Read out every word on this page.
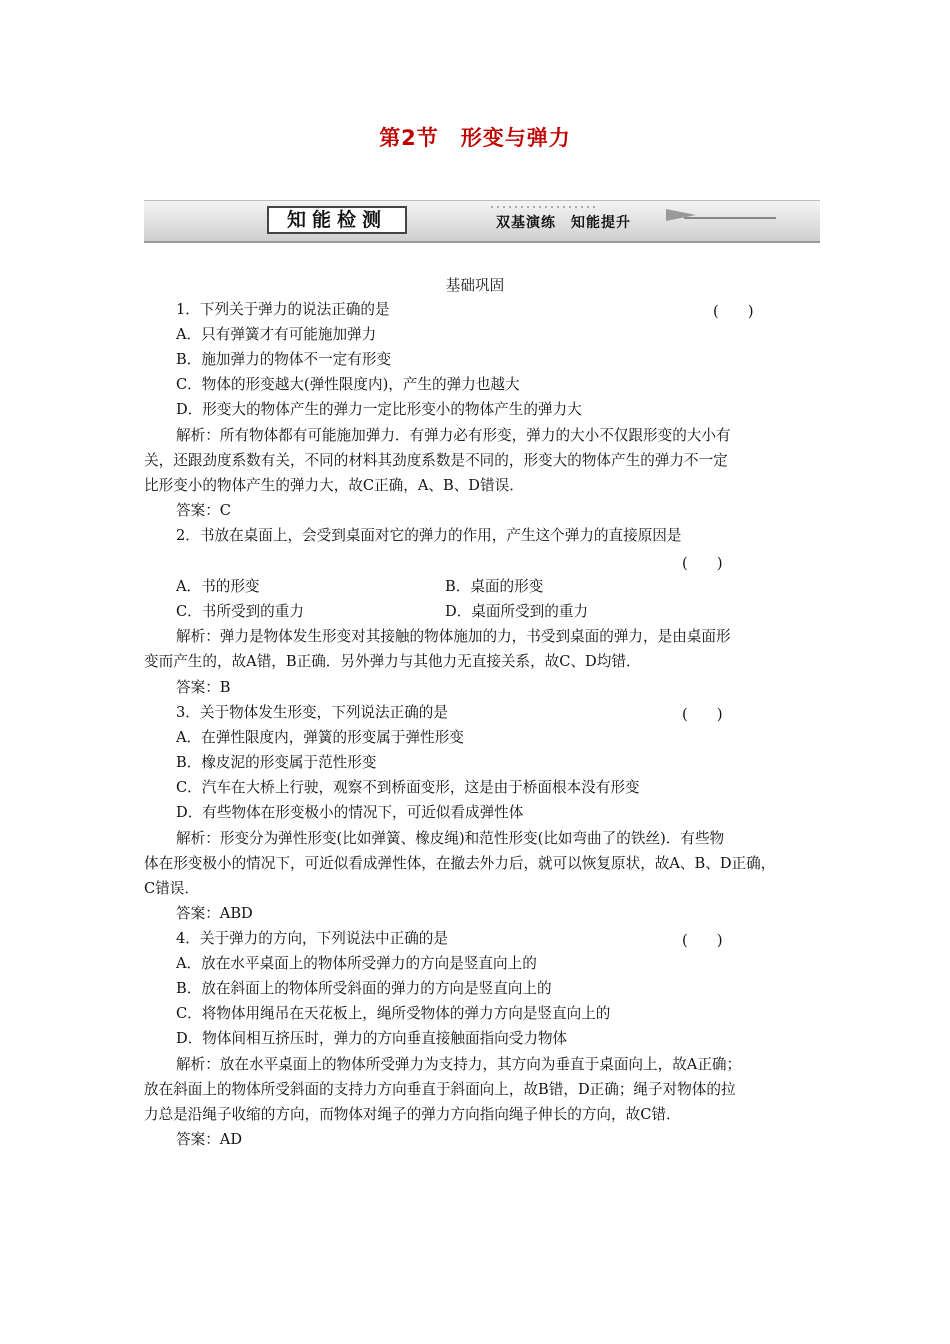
第2节　形变与弹力
知能检测	双基演练　知能提升
基础巩固
1．下列关于弹力的说法正确的是	(　　)
A．只有弹簧才有可能施加弹力
B．施加弹力的物体不一定有形变
C．物体的形变越大(弹性限度内)，产生的弹力也越大
D．形变大的物体产生的弹力一定比形变小的物体产生的弹力大
解析：所有物体都有可能施加弹力．有弹力必有形变，弹力的大小不仅跟形变的大小有
关，还跟劲度系数有关，不同的材料其劲度系数是不同的，形变大的物体产生的弹力不一定
比形变小的物体产生的弹力大，故C正确，A、B、D错误．
答案：C
2．书放在桌面上，会受到桌面对它的弹力的作用，产生这个弹力的直接原因是
(　　)
A．书的形变	B．桌面的形变
C．书所受到的重力	D．桌面所受到的重力
解析：弹力是物体发生形变对其接触的物体施加的力，书受到桌面的弹力，是由桌面形
变而产生的，故A错，B正确．另外弹力与其他力无直接关系，故C、D均错．
答案：B
3．关于物体发生形变，下列说法正确的是	(　　)
A．在弹性限度内，弹簧的形变属于弹性形变
B．橡皮泥的形变属于范性形变
C．汽车在大桥上行驶，观察不到桥面变形，这是由于桥面根本没有形变
D．有些物体在形变极小的情况下，可近似看成弹性体
解析：形变分为弹性形变(比如弹簧、橡皮绳)和范性形变(比如弯曲了的铁丝)．有些物
体在形变极小的情况下，可近似看成弹性体，在撤去外力后，就可以恢复原状，故A、B、D正确，
C错误．
答案：ABD
4．关于弹力的方向，下列说法中正确的是	(　　)
A．放在水平桌面上的物体所受弹力的方向是竖直向上的
B．放在斜面上的物体所受斜面的弹力的方向是竖直向上的
C．将物体用绳吊在天花板上，绳所受物体的弹力方向是竖直向上的
D．物体间相互挤压时，弹力的方向垂直接触面指向受力物体
解析：放在水平桌面上的物体所受弹力为支持力，其方向为垂直于桌面向上，故A正确；
放在斜面上的物体所受斜面的支持力方向垂直于斜面向上，故B错，D正确；绳子对物体的拉
力总是沿绳子收缩的方向，而物体对绳子的弹力方向指向绳子伸长的方向，故C错．
答案：AD
